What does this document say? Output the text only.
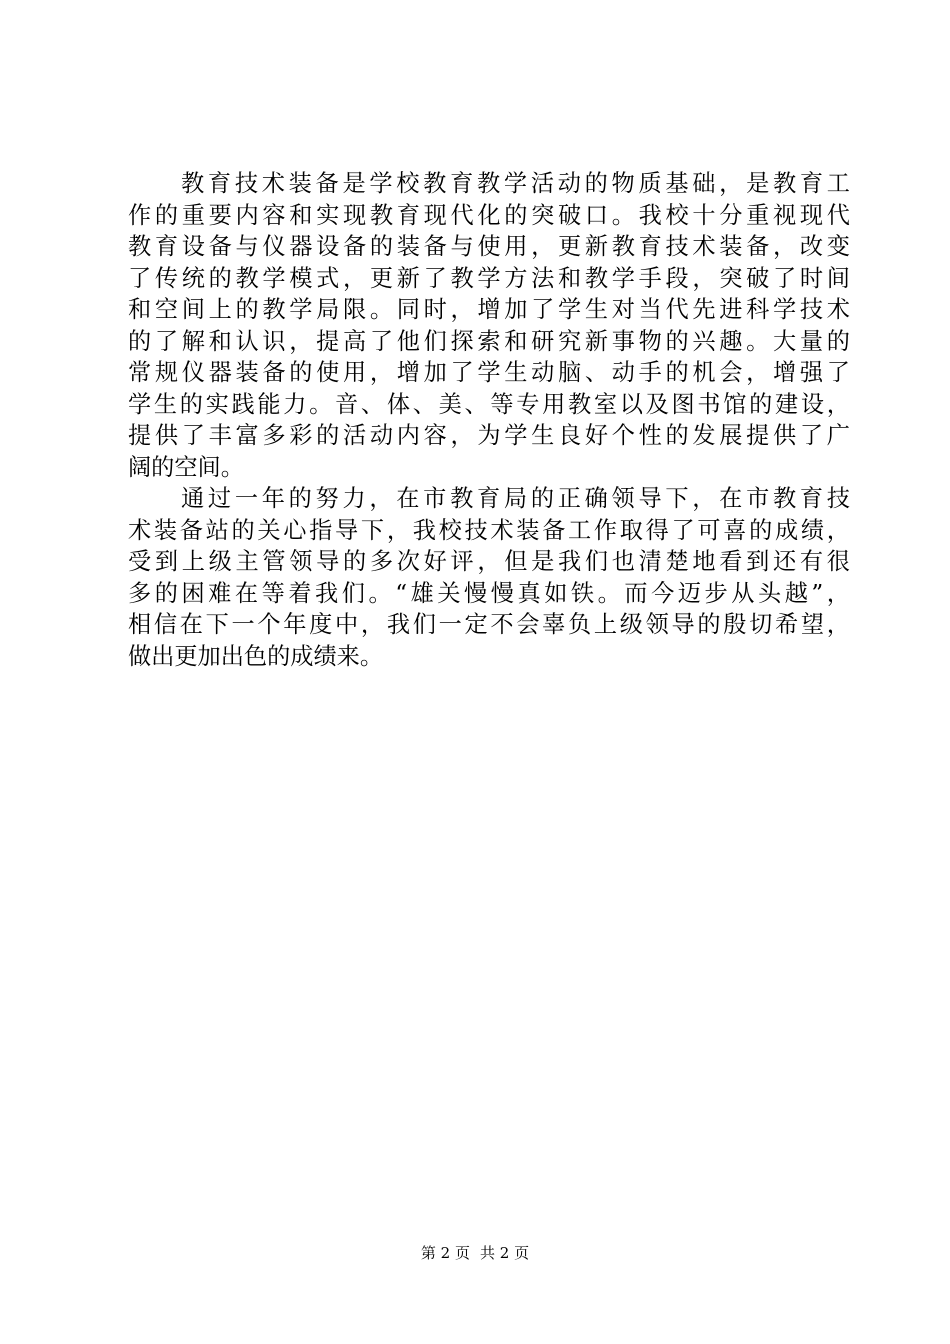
教育技术装备是学校教育教学活动的物质基础，是教育工
作的重要内容和实现教育现代化的突破口。我校十分重视现代
教育设备与仪器设备的装备与使用，更新教育技术装备，改变
了传统的教学模式，更新了教学方法和教学手段，突破了时间
和空间上的教学局限。同时，增加了学生对当代先进科学技术
的了解和认识，提高了他们探索和研究新事物的兴趣。大量的
常规仪器装备的使用，增加了学生动脑、动手的机会，增强了
学生的实践能力。音、体、美、等专用教室以及图书馆的建设，
提供了丰富多彩的活动内容，为学生良好个性的发展提供了广
阔的空间。
通过一年的努力，在市教育局的正确领导下，在市教育技
术装备站的关心指导下，我校技术装备工作取得了可喜的成绩，
受到上级主管领导的多次好评，但是我们也清楚地看到还有很
多的困难在等着我们。“雄关慢慢真如铁。而今迈步从头越”，
相信在下一个年度中，我们一定不会辜负上级领导的殷切希望，
做出更加出色的成绩来。
第 2 页 共 2 页
